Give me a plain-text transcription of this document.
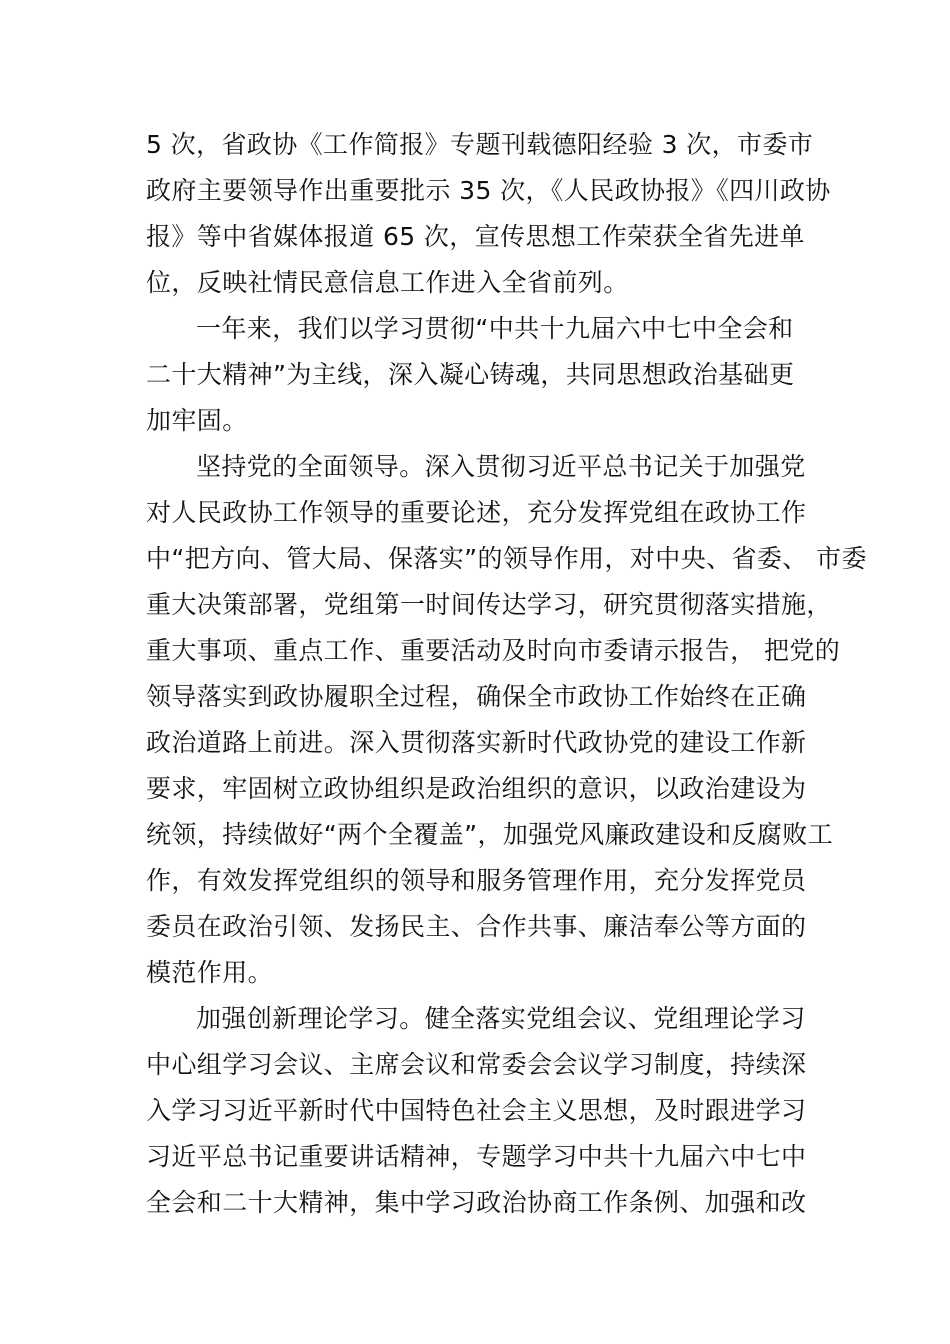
5 次，省政协《工作简报》专题刊载德阳经验 3 次，市委市
政府主要领导作出重要批示 35 次，《人民政协报》《四川政协
报》等中省媒体报道 65 次，宣传思想工作荣获全省先进单
位，反映社情民意信息工作进入全省前列。
一年来，我们以学习贯彻“中共十九届六中七中全会和
二十大精神”为主线，深入凝心铸魂，共同思想政治基础更
加牢固。
坚持党的全面领导。深入贯彻习近平总书记关于加强党
对人民政协工作领导的重要论述，充分发挥党组在政协工作
中“把方向、管大局、保落实”的领导作用，对中央、省委、 市委
重大决策部署，党组第一时间传达学习，研究贯彻落实措施，
重大事项、重点工作、重要活动及时向市委请示报告， 把党的
领导落实到政协履职全过程，确保全市政协工作始终在正确
政治道路上前进。深入贯彻落实新时代政协党的建设工作新
要求，牢固树立政协组织是政治组织的意识，以政治建设为
统领，持续做好“两个全覆盖”，加强党风廉政建设和反腐败工
作，有效发挥党组织的领导和服务管理作用，充分发挥党员
委员在政治引领、发扬民主、合作共事、廉洁奉公等方面的
模范作用。
加强创新理论学习。健全落实党组会议、党组理论学习
中心组学习会议、主席会议和常委会会议学习制度，持续深
入学习习近平新时代中国特色社会主义思想，及时跟进学习
习近平总书记重要讲话精神，专题学习中共十九届六中七中
全会和二十大精神，集中学习政治协商工作条例、加强和改
